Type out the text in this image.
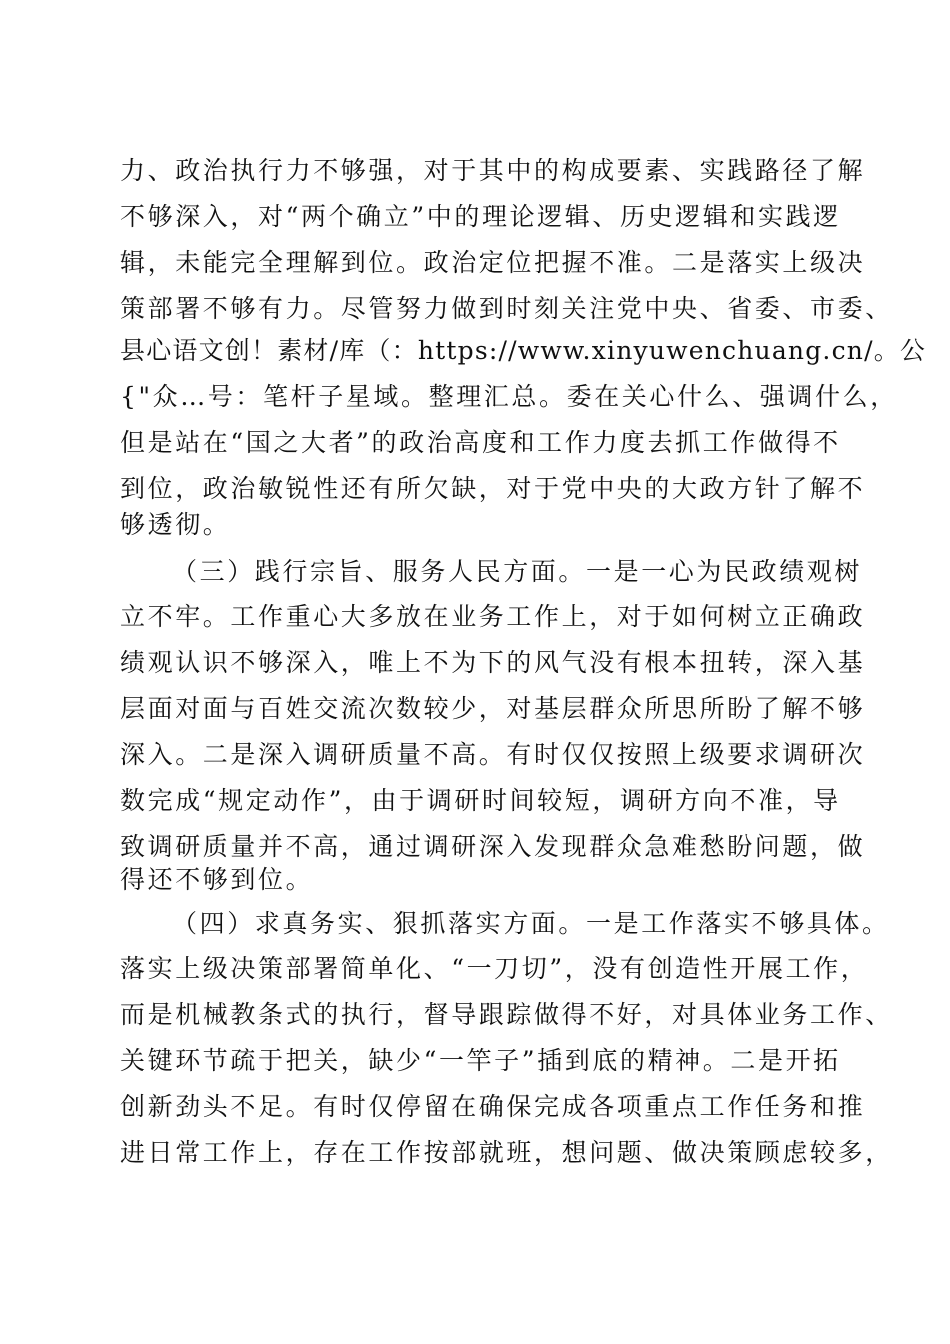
力、政治执行力不够强，对于其中的构成要素、实践路径了解
不够深入，对“两个确立”中的理论逻辑、历史逻辑和实践逻
辑，未能完全理解到位。政治定位把握不准。二是落实上级决
策部署不够有力。尽管努力做到时刻关注党中央、省委、市委、
县心语文创！素材/库（：https://www.xinyuwenchuang.cn/。公
{"众…号：笔杆子星域。整理汇总。委在关心什么、强调什么，
但是站在“国之大者”的政治高度和工作力度去抓工作做得不
到位，政治敏锐性还有所欠缺，对于党中央的大政方针了解不
够透彻。
（三）践行宗旨、服务人民方面。一是一心为民政绩观树
立不牢。工作重心大多放在业务工作上，对于如何树立正确政
绩观认识不够深入，唯上不为下的风气没有根本扭转，深入基
层面对面与百姓交流次数较少，对基层群众所思所盼了解不够
深入。二是深入调研质量不高。有时仅仅按照上级要求调研次
数完成“规定动作”，由于调研时间较短，调研方向不准，导
致调研质量并不高，通过调研深入发现群众急难愁盼问题，做
得还不够到位。
（四）求真务实、狠抓落实方面。一是工作落实不够具体。
落实上级决策部署简单化、“一刀切”，没有创造性开展工作，
而是机械教条式的执行，督导跟踪做得不好，对具体业务工作、
关键环节疏于把关，缺少“一竿子”插到底的精神。二是开拓
创新劲头不足。有时仅停留在确保完成各项重点工作任务和推
进日常工作上，存在工作按部就班，想问题、做决策顾虑较多，
